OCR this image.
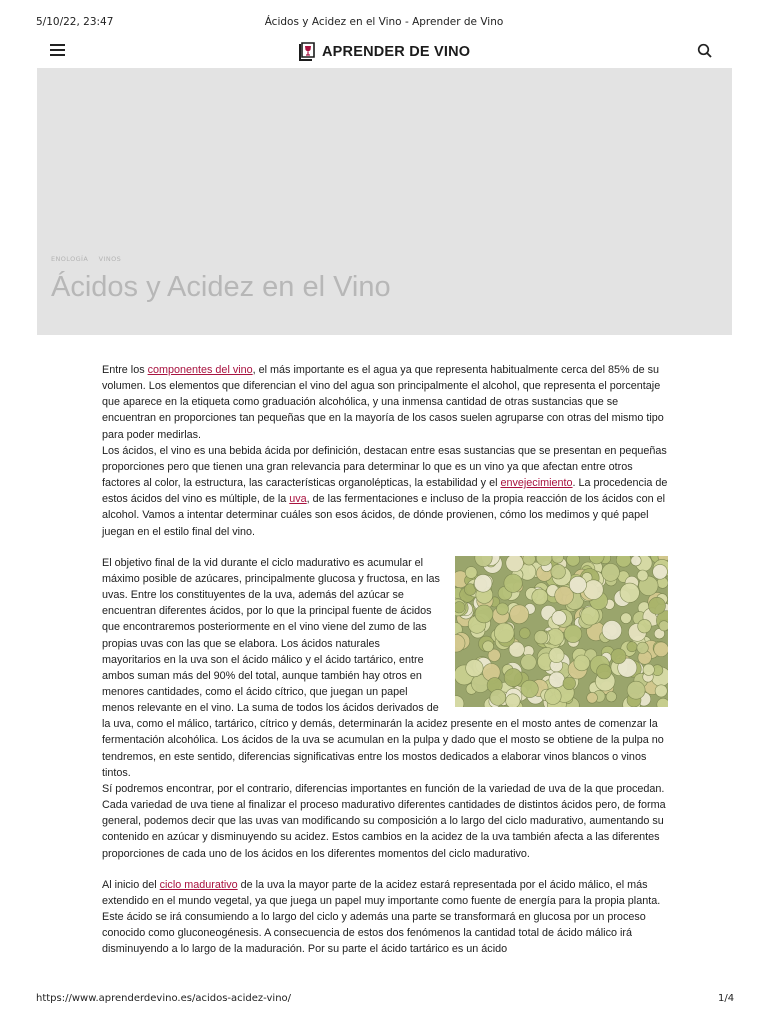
5/10/22, 23:47	Ácidos y Acidez en el Vino - Aprender de Vino
APRENDER DE VINO
ENOLOGÍA VINOS
Ácidos y Acidez en el Vino

Entre los componentes del vino, el más importante es el agua ya que representa habitualmente cerca del 85% de su volumen. Los elementos que diferencian el vino del agua son principalmente el alcohol, que representa el porcentaje que aparece en la etiqueta como graduación alcohólica, y una inmensa cantidad de otras sustancias que se encuentran en proporciones tan pequeñas que en la mayoría de los casos suelen agruparse con otras del mismo tipo para poder medirlas.

Los ácidos, el vino es una bebida ácida por definición, destacan entre esas sustancias que se presentan en pequeñas proporciones pero que tienen una gran relevancia para determinar lo que es un vino ya que afectan entre otros factores al color, la estructura, las características organolépticas, la estabilidad y el envejecimiento. La procedencia de estos ácidos del vino es múltiple, de la uva, de las fermentaciones e incluso de la propia reacción de los ácidos con el alcohol. Vamos a intentar determinar cuáles son esos ácidos, de dónde provienen, cómo los medimos y qué papel juegan en el estilo final del vino.

El objetivo final de la vid durante el ciclo madurativo es acumular el máximo posible de azúcares, principalmente glucosa y fructosa, en las uvas. Entre los constituyentes de la uva, además del azúcar se encuentran diferentes ácidos, por lo que la principal fuente de ácidos que encontraremos posteriormente en el vino viene del zumo de las propias uvas con las que se elabora. Los ácidos naturales mayoritarios en la uva son el ácido málico y el ácido tartárico, entre ambos suman más del 90% del total, aunque también hay otros en menores cantidades, como el ácido cítrico, que juegan un papel menos relevante en el vino. La suma de todos los ácidos derivados de la uva, como el málico, tartárico, cítrico y demás, determinarán la acidez presente en el mosto antes de comenzar la fermentación alcohólica. Los ácidos de la uva se acumulan en la pulpa y dado que el mosto se obtiene de la pulpa no tendremos, en este sentido, diferencias significativas entre los mostos dedicados a elaborar vinos blancos o vinos tintos.

Sí podremos encontrar, por el contrario, diferencias importantes en función de la variedad de uva de la que procedan. Cada variedad de uva tiene al finalizar el proceso madurativo diferentes cantidades de distintos ácidos pero, de forma general, podemos decir que las uvas van modificando su composición a lo largo del ciclo madurativo, aumentando su contenido en azúcar y disminuyendo su acidez. Estos cambios en la acidez de la uva también afecta a las diferentes proporciones de cada uno de los ácidos en los diferentes momentos del ciclo madurativo.

Al inicio del ciclo madurativo de la uva la mayor parte de la acidez estará representada por el ácido málico, el más extendido en el mundo vegetal, ya que juega un papel muy importante como fuente de energía para la propia planta. Este ácido se irá consumiendo a lo largo del ciclo y además una parte se transformará en glucosa por un proceso conocido como gluconeogénesis. A consecuencia de estos dos fenómenos la cantidad total de ácido málico irá disminuyendo a lo largo de la maduración. Por su parte el ácido tartárico es un ácido

https://www.aprenderdevino.es/acidos-acidez-vino/	1/4
